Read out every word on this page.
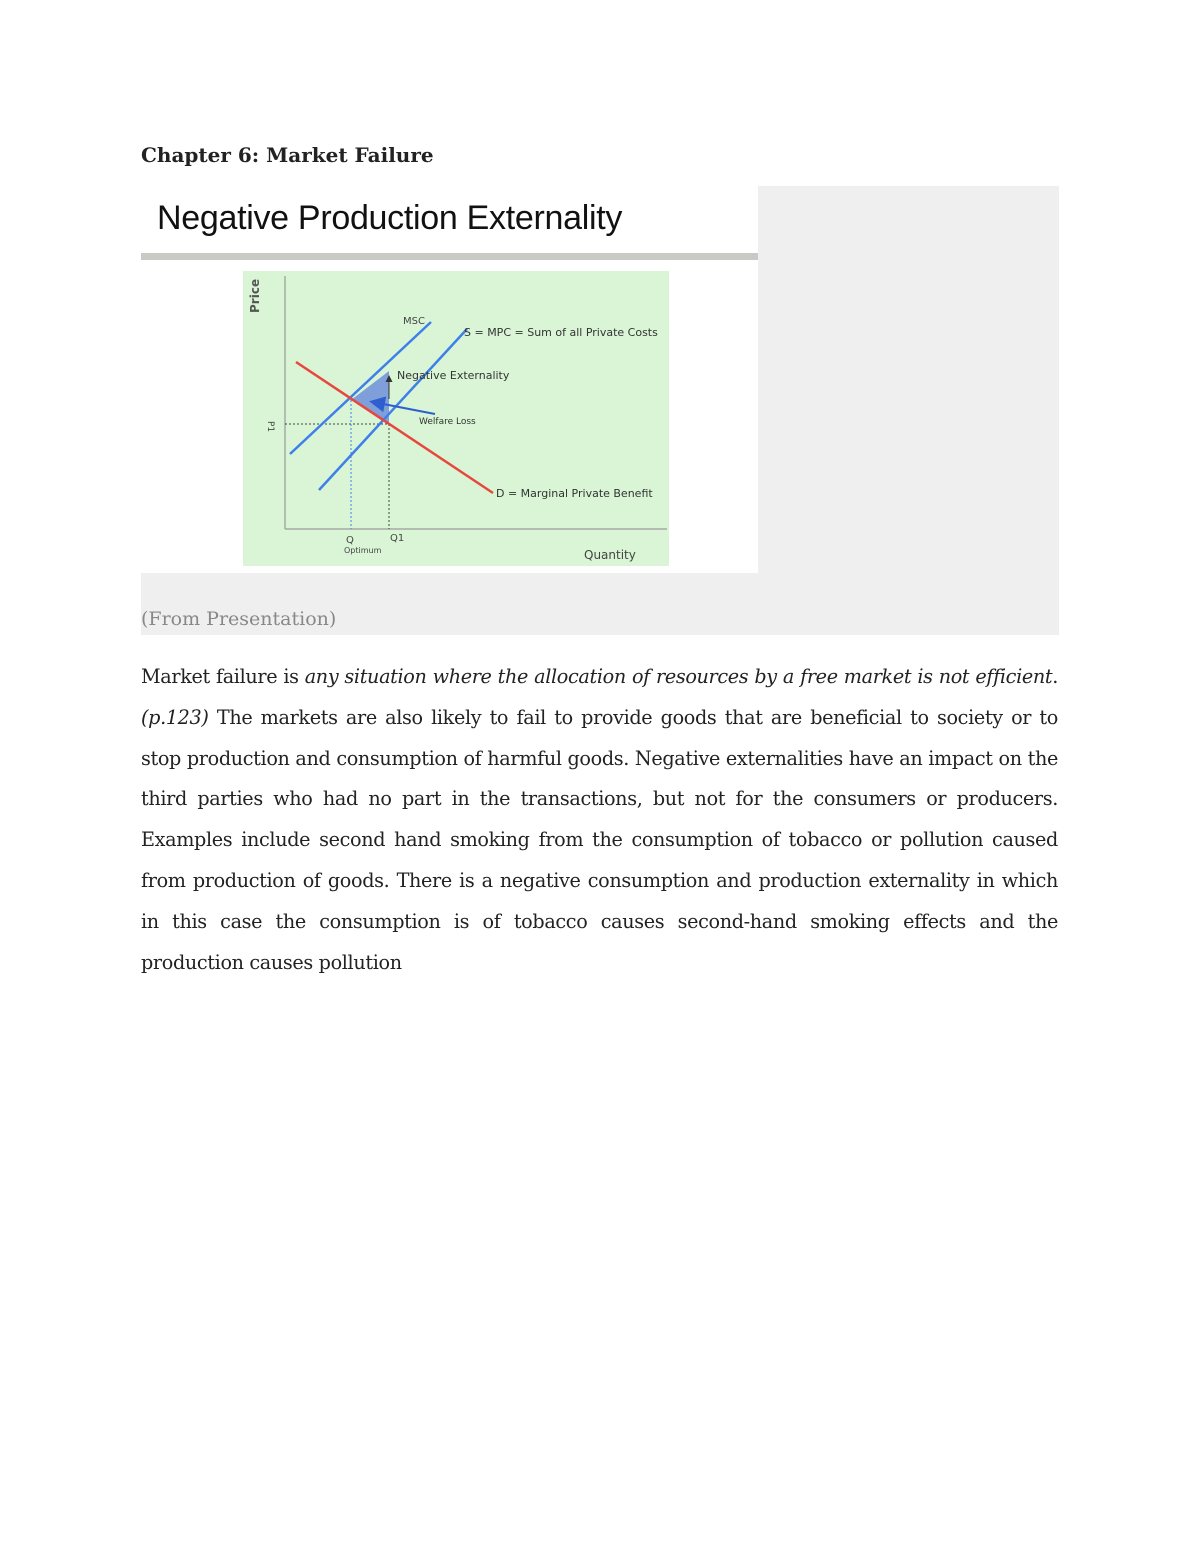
Chapter 6: Market Failure
Negative Production Externality
Price
Quantity
P1
Q
Optimum
Q1
MSC
S = MPC = Sum of all Private Costs
Negative Externality
Welfare Loss
D = Marginal Private Benefit
(From Presentation)
Market failure is any situation where the allocation of resources by a free market is not efficient. (p.123) The markets are also likely to fail to provide goods that are beneficial to society or to stop production and consumption of harmful goods. Negative externalities have an impact on the third parties who had no part in the transactions, but not for the consumers or producers. Examples include second hand smoking from the consumption of tobacco or pollution caused from production of goods. There is a negative consumption and production externality in which in this case the consumption is of tobacco causes second-hand smoking effects and the production causes pollution
